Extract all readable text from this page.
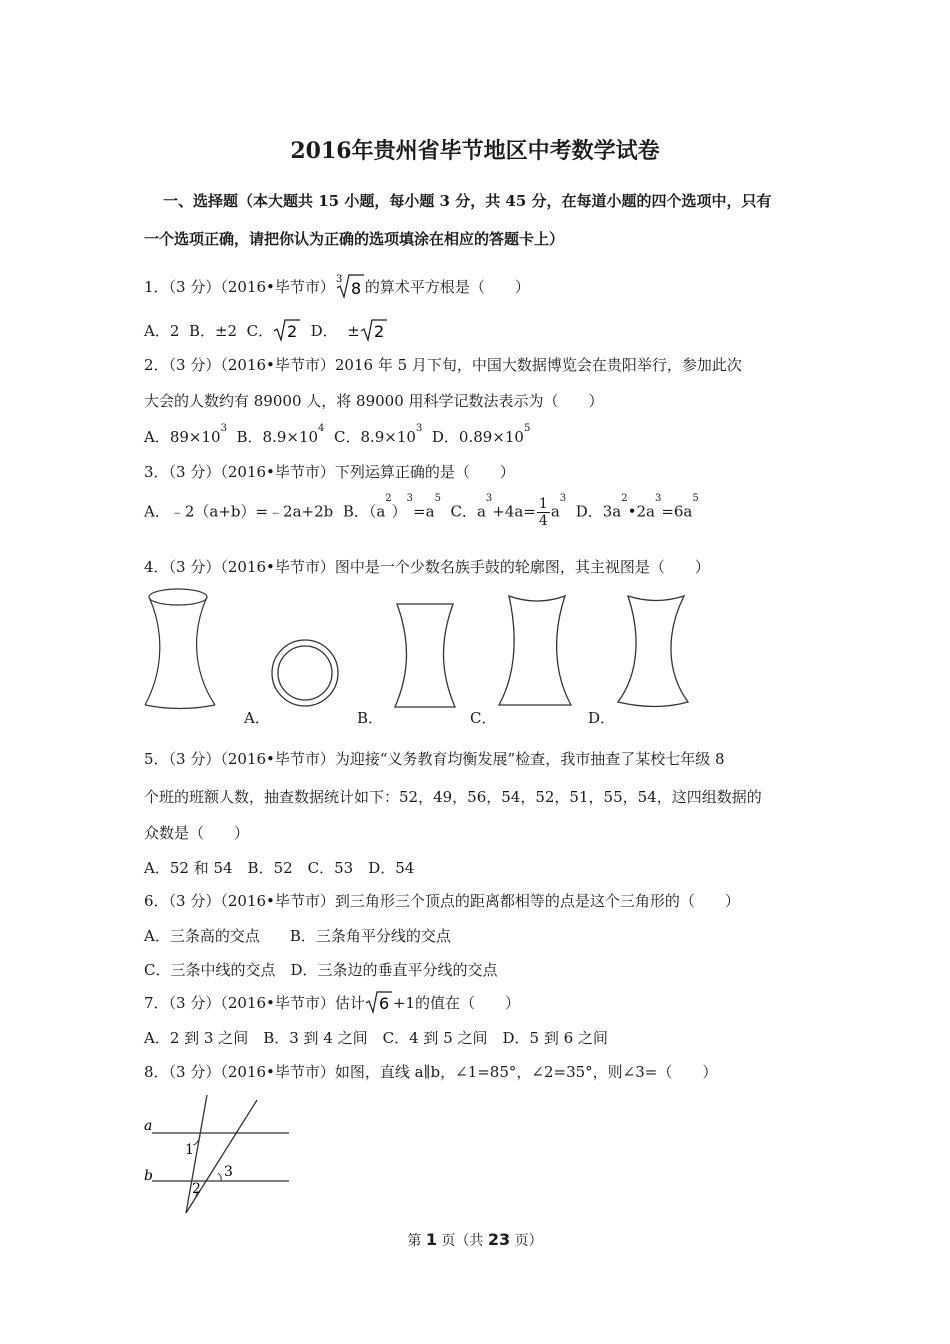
2016年贵州省毕节地区中考数学试卷
一、选择题（本大题共 15 小题，每小题 3 分，共 45 分，在每道小题的四个选项中，只有
一个选项正确，请把你认为正确的选项填涂在相应的答题卡上）
1．（3 分）（2016•毕节市） 3 8 的算术平方根是（　　）
A．2 B．±2 C． 2 D． ± 2
2．（3 分）（2016•毕节市）2016 年 5 月下旬，中国大数据博览会在贵阳举行，参加此次
大会的人数约有 89000 人，将 89000 用科学记数法表示为（　　）
A．$89\times 10^3$ B．$8.9\times 10^4$ C．$8.9\times 10^3$ D．$0.89\times 10^5$
3．（3 分）（2016•毕节市）下列运算正确的是（　　）
A．﹣2（a+b）=﹣2a+2b B．$(a^2)^3=a^5$  C．$a^3+4a= \frac{1}{4} a^3$  D．$3a^2•2a^3=6a^5$
4．（3 分）（2016•毕节市）图中是一个少数名族手鼓的轮廓图，其主视图是（　　）
A．	B．	C．	D．
5．（3 分）（2016•毕节市）为迎接“义务教育均衡发展”检查，我市抽查了某校七年级 8
个班的班额人数，抽查数据统计如下：52，49，56，54，52，51，55，54，这四组数据的
众数是（　　）
A．52 和 54　B．52　C．53　D．54
6．（3 分）（2016•毕节市）到三角形三个顶点的距离都相等的点是这个三角形的（　　）
A．三条高的交点　　B．三条角平分线的交点
C．三条中线的交点　D．三条边的垂直平分线的交点
7．（3 分）（2016•毕节市）估计 6 +1的值在（　　）
A．2 到 3 之间　B．3 到 4 之间　C．4 到 5 之间　D．5 到 6 之间
8．（3 分）（2016•毕节市）如图，直线 a∥b，∠1=85°，∠2=35°，则∠3=（　　）
a
b
1
2
3
第 1 页（共 23 页）
